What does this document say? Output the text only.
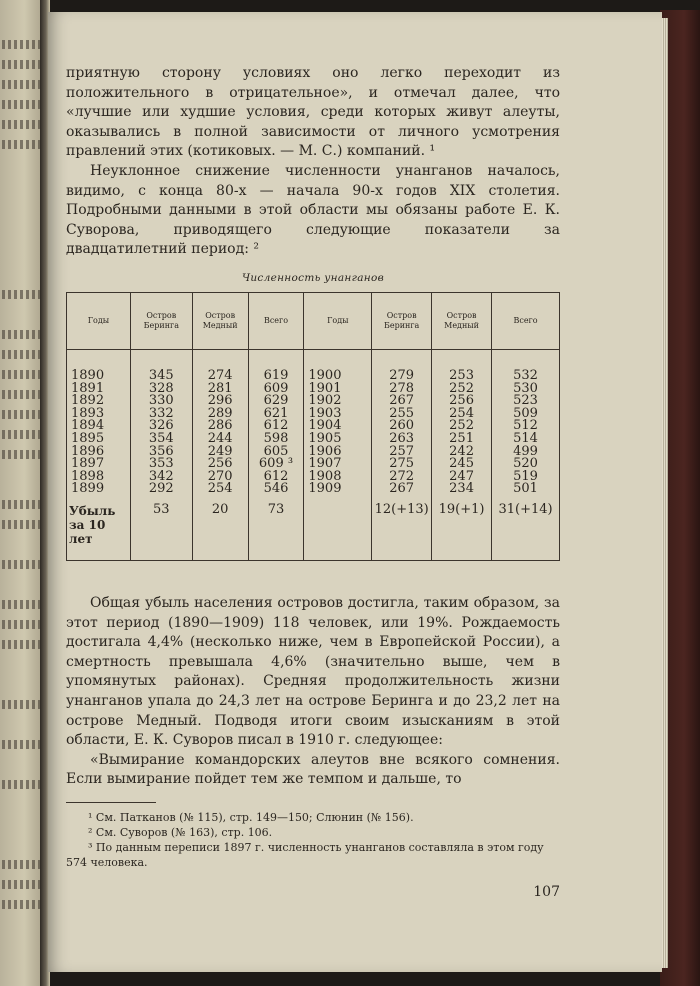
приятную сторону условиях оно легко переходит из положительного в отрицательное», и отмечал далее, что «лучшие или худшие условия, среди которых живут алеуты, оказывались в полной зависимости от личного усмотрения правлений этих (котиковых. — М. С.) компаний. ¹

Неуклонное снижение численности унанганов началось, видимо, с конца 80-х — начала 90-х годов XIX столетия. Подробными данными в этой области мы обязаны работе Е. К. Суворова, приводящего следующие показатели за двадцатилетний период: ²

Численность унанганов
Годы	Остров Беринга	Остров Медный	Всего	Годы	Остров Беринга	Остров Медный	Всего
1890	345	274	619	1900	279	253	532
1891	328	281	609	1901	278	252	530
1892	330	296	629	1902	267	256	523
1893	332	289	621	1903	255	254	509
1894	326	286	612	1904	260	252	512
1895	354	244	598	1905	263	251	514
1896	356	249	605	1906	257	242	499
1897	353	256	609 ³	1907	275	245	520
1898	342	270	612	1908	272	247	519
1899	292	254	546	1909	267	234	501
Убыль за 10 лет	53	20	73		12(+13)	19(+1)	31(+14)

Общая убыль населения островов достигла, таким образом, за этот период (1890—1909) 118 человек, или 19%. Рождаемость достигала 4,4% (несколько ниже, чем в Европейской России), а смертность превышала 4,6% (значительно выше, чем в упомянутых районах). Средняя продолжительность жизни унанганов упала до 24,3 лет на острове Беринга и до 23,2 лет на острове Медный. Подводя итоги своим изысканиям в этой области, Е. К. Суворов писал в 1910 г. следующее:

«Вымирание командорских алеутов вне всякого сомнения. Если вымирание пойдет тем же темпом и дальше, то

¹ См. Патканов (№ 115), стр. 149—150; Слюнин (№ 156).

² См. Суворов (№ 163), стр. 106.

³ По данным переписи 1897 г. численность унанганов составляла в этом году 574 человека.

107
